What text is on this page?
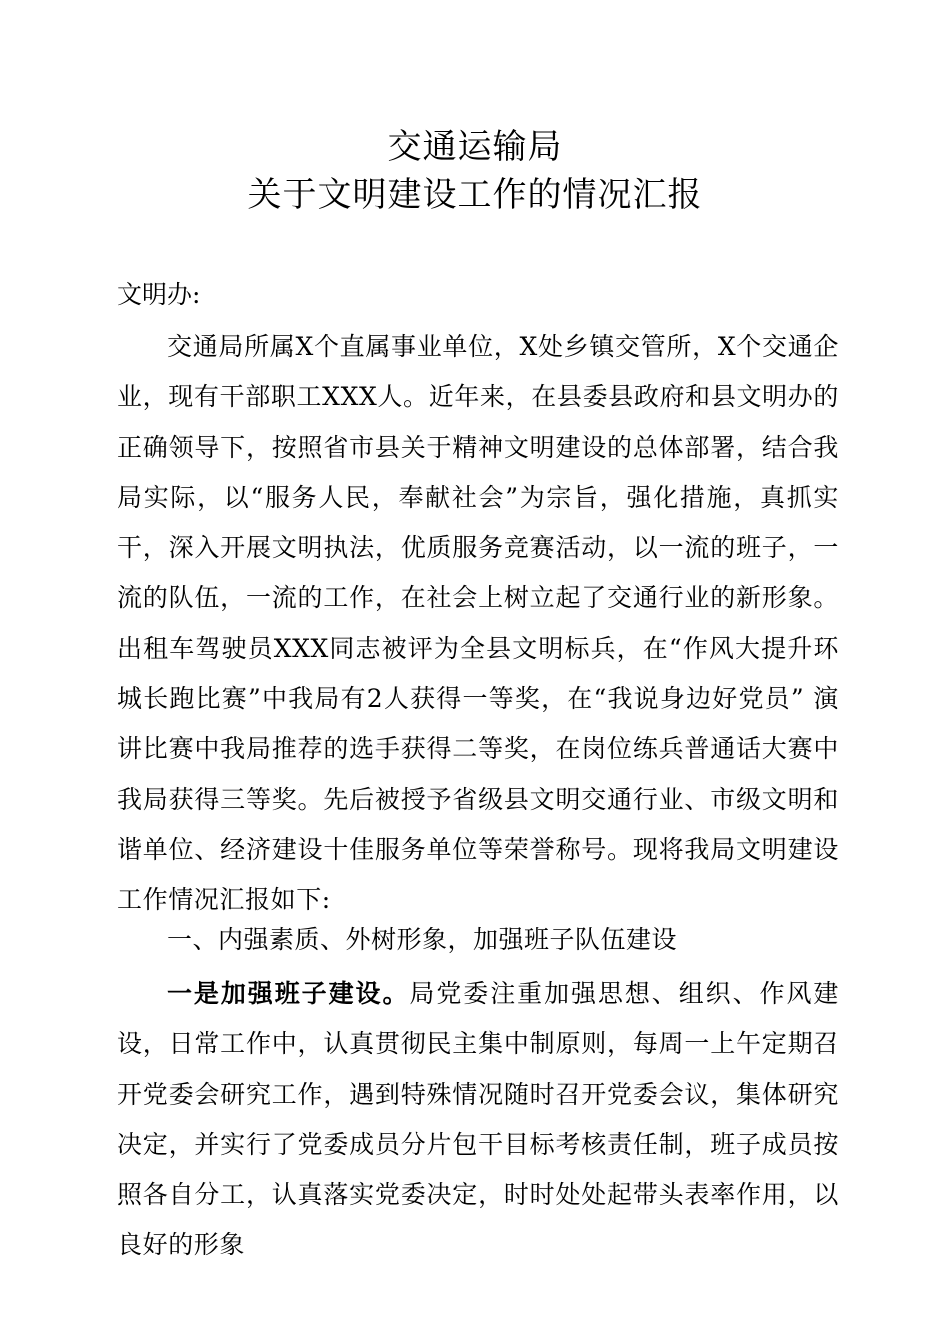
交通运输局
关于文明建设工作的情况汇报
文明办:
交通局所属X个直属事业单位，X处乡镇交管所，X个交通企业，现有干部职工XXX人。近年来，在县委县政府和县文明办的正确领导下，按照省市县关于精神文明建设的总体部署，结合我局实际，以“服务人民，奉献社会”为宗旨，强化措施，真抓实干，深入开展文明执法，优质服务竞赛活动，以一流的班子，一流的队伍，一流的工作，在社会上树立起了交通行业的新形象。出租车驾驶员XXX同志被评为全县文明标兵，在“作风大提升环城长跑比赛”中我局有2人获得一等奖，在“我说身边好党员” 演讲比赛中我局推荐的选手获得二等奖，在岗位练兵普通话大赛中我局获得三等奖。先后被授予省级县文明交通行业、市级文明和谐单位、经济建设十佳服务单位等荣誉称号。现将我局文明建设工作情况汇报如下:
一、内强素质、外树形象，加强班子队伍建设
一是加强班子建设。局党委注重加强思想、组织、作风建设，日常工作中，认真贯彻民主集中制原则，每周一上午定期召开党委会研究工作，遇到特殊情况随时召开党委会议，集体研究决定，并实行了党委成员分片包干目标考核责任制，班子成员按照各自分工，认真落实党委决定，时时处处起带头表率作用，以良好的形象
